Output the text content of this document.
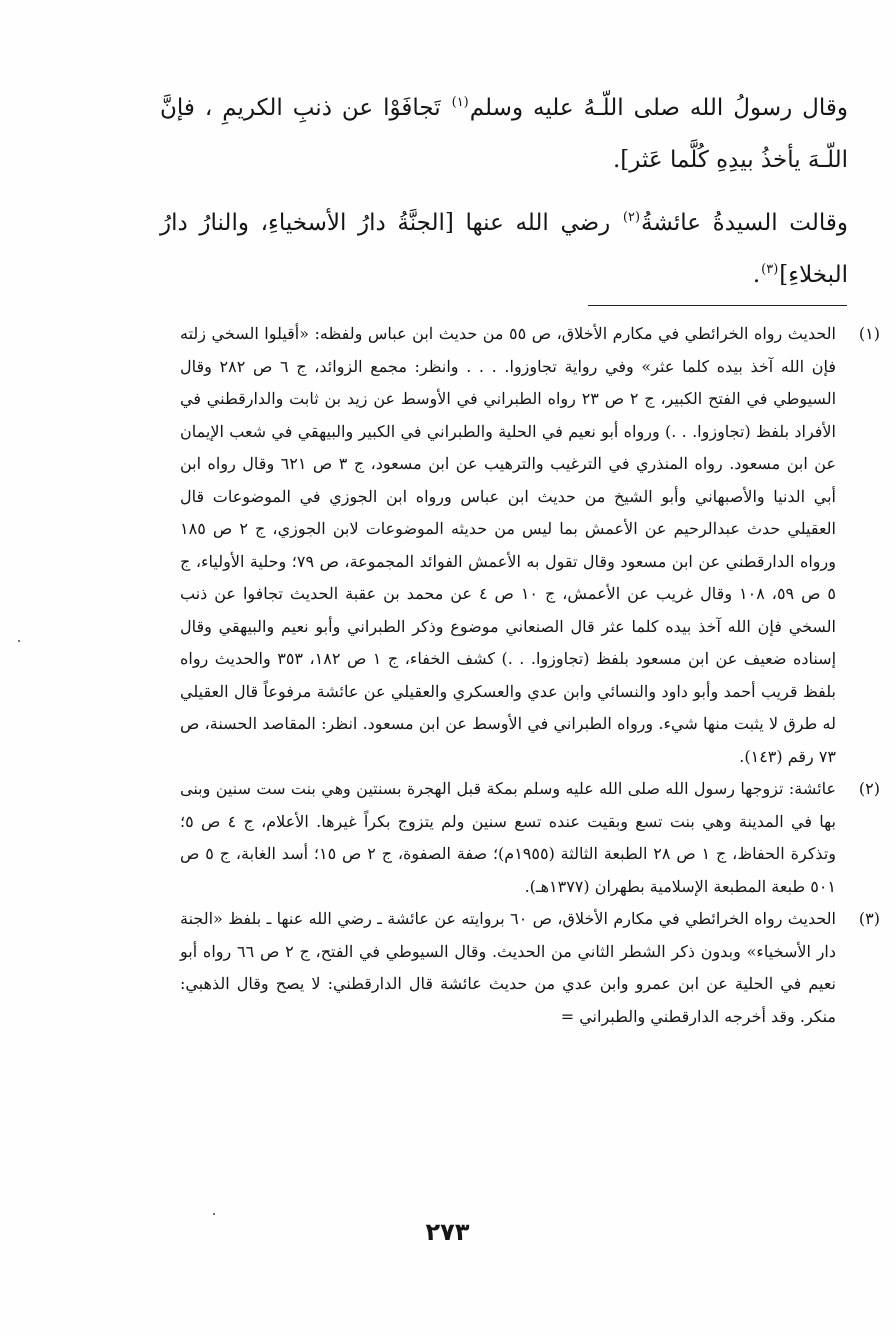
وقال رسولُ الله صلى اللّـهُ عليه وسلم$^{(١)}$ تَجافَوْا عن ذنبِ الكريمِ ، فإنَّ اللّـهَ يأخذُ بيدِهِ كُلَّما عَثر].

وقالت السيدةُ عائشةُ$^{(٢)}$ رضي الله عنها [الجنَّةُ دارُ الأسخياءِ، والنارُ دارُ البخلاءِ]$^{(٣)}$.

(١)
الحديث رواه الخرائطي في مكارم الأخلاق، ص ٥٥ من حديث ابن عباس ولفظه: «أقيلوا السخي زلته فإن الله آخذ بيده كلما عثر» وفي رواية تجاوزوا. . . . وانظر: مجمع الزوائد، ج ٦ ص ٢٨٢ وقال السيوطي في الفتح الكبير، ج ٢ ص ٢٣ رواه الطبراني في الأوسط عن زيد بن ثابت والدارقطني في الأفراد بلفظ (تجاوزوا. . .) ورواه أبو نعيم في الحلية والطبراني في الكبير والبيهقي في شعب الإيمان عن ابن مسعود. رواه المنذري في الترغيب والترهيب عن ابن مسعود، ج ٣ ص ٦٢١ وقال رواه ابن أبي الدنيا والأصبهاني وأبو الشيخ من حديث ابن عباس ورواه ابن الجوزي في الموضوعات قال العقيلي حدث عبدالرحيم عن الأعمش بما ليس من حديثه الموضوعات لابن الجوزي، ج ٢ ص ١٨٥ ورواه الدارقطني عن ابن مسعود وقال تقول به الأعمش الفوائد المجموعة، ص ٧٩؛ وحلية الأولياء، ج ٥ ص ٥٩، ١٠٨ وقال غريب عن الأعمش، ج ١٠ ص ٤ عن محمد بن عقبة الحديث تجافوا عن ذنب السخي فإن الله آخذ بيده كلما عثر قال الصنعاني موضوع وذكر الطبراني وأبو نعيم والبيهقي وقال إسناده ضعيف عن ابن مسعود بلفظ (تجاوزوا. . .) كشف الخفاء، ج ١ ص ١٨٢، ٣٥٣ والحديث رواه بلفظ قريب أحمد وأبو داود والنسائي وابن عدي والعسكري والعقيلي عن عائشة مرفوعاً قال العقيلي له طرق لا يثبت منها شيء. ورواه الطبراني في الأوسط عن ابن مسعود. انظر: المقاصد الحسنة، ص ٧٣ رقم (١٤٣).

(٢)
عائشة: تزوجها رسول الله صلى الله عليه وسلم بمكة قبل الهجرة بسنتين وهي بنت ست سنين وبنى بها في المدينة وهي بنت تسع وبقيت عنده تسع سنين ولم يتزوج بكراً غيرها. الأعلام، ج ٤ ص ٥؛ وتذكرة الحفاظ، ج ١ ص ٢٨ الطبعة الثالثة (١٩٥٥م)؛ صفة الصفوة، ج ٢ ص ١٥؛ أسد الغابة، ج ٥ ص ٥٠١ طبعة المطبعة الإسلامية بطهران (١٣٧٧هـ).

(٣)
الحديث رواه الخرائطي في مكارم الأخلاق، ص ٦٠ بروايته عن عائشة ـ رضي الله عنها ـ بلفظ «الجنة دار الأسخياء» وبدون ذكر الشطر الثاني من الحديث. وقال السيوطي في الفتح، ج ٢ ص ٦٦ رواه أبو نعيم في الحلية عن ابن عمرو وابن عدي من حديث عائشة قال الدارقطني: لا يصح وقال الذهبي: منكر. وقد أخرجه الدارقطني والطبراني =

٢٧٣
